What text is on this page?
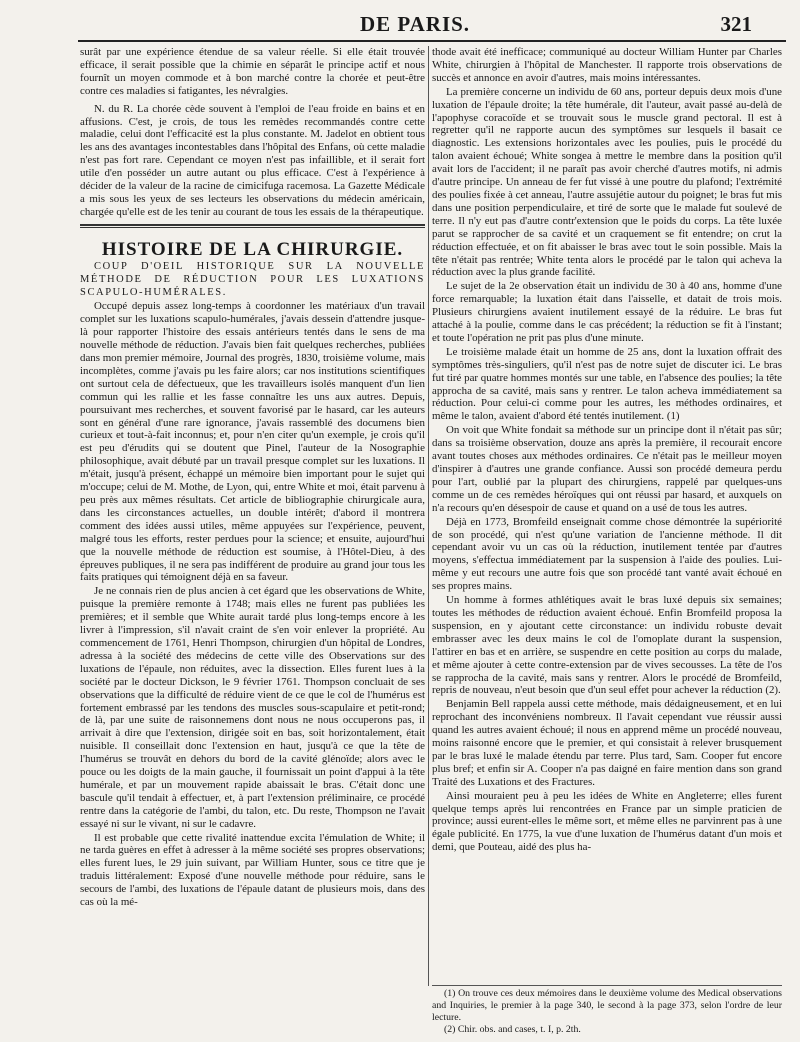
DE PARIS.	321

surât par une expérience étendue de sa valeur réelle. Si elle était trouvée efficace, il serait possible que la chimie en séparât le principe actif et nous fournît un moyen commode et à bon marché contre la chorée et peut-être contre ces maladies si fatigantes, les névralgies.

N. du R. La chorée cède souvent à l'emploi de l'eau froide en bains et en affusions. C'est, je crois, de tous les remèdes recommandés contre cette maladie, celui dont l'efficacité est la plus constante. M. Jadelot en obtient tous les ans des avantages incontestables dans l'hôpital des Enfans, où cette maladie n'est pas fort rare. Cependant ce moyen n'est pas infaillible, et il serait fort utile d'en posséder un autre autant ou plus efficace. C'est à l'expérience à décider de la valeur de la racine de cimicifuga racemosa. La Gazette Médicale a mis sous les yeux de ses lecteurs les observations du médecin américain, chargée qu'elle est de les tenir au courant de tous les essais de la thérapeutique.

HISTOIRE DE LA CHIRURGIE.

COUP D'OEIL HISTORIQUE SUR LA NOUVELLE MÉTHODE DE RÉDUCTION POUR LES LUXATIONS SCAPULO-HUMÉRALES.

Occupé depuis assez long-temps à coordonner les matériaux d'un travail complet sur les luxations scapulo-humérales, j'avais dessein d'attendre jusque-là pour rapporter l'histoire des essais antérieurs tentés dans le sens de ma nouvelle méthode de réduction. J'avais bien fait quelques recherches, publiées dans mon premier mémoire, Journal des progrès, 1830, troisième volume, mais incomplètes, comme j'avais pu les faire alors; car nos institutions scientifiques ont surtout cela de défectueux, que les travailleurs isolés manquent d'un lien commun qui les rallie et les fasse connaître les uns aux autres. Depuis, poursuivant mes recherches, et souvent favorisé par le hasard, car les auteurs sont en général d'une rare ignorance, j'avais rassemblé des documens bien curieux et tout-à-fait inconnus; et, pour n'en citer qu'un exemple, je crois qu'il est peu d'érudits qui se doutent que Pinel, l'auteur de la Nosographie philosophique, avait débuté par un travail presque complet sur les luxations. Il m'était, jusqu'à présent, échappé un mémoire bien important pour le sujet qui m'occupe; celui de M. Mothe, de Lyon, qui, entre White et moi, était parvenu à peu près aux mêmes résultats. Cet article de bibliographie chirurgicale aura, dans les circonstances actuelles, un double intérêt; d'abord il montrera comment des idées aussi utiles, même appuyées sur l'expérience, peuvent, malgré tous les efforts, rester perdues pour la science; et ensuite, aujourd'hui que la nouvelle méthode de réduction est soumise, à l'Hôtel-Dieu, à des épreuves publiques, il ne sera pas indifférent de produire au grand jour tous les faits pratiques qui témoignent déjà en sa faveur.

Je ne connais rien de plus ancien à cet égard que les observations de White, puisque la première remonte à 1748; mais elles ne furent pas publiées les premières; et il semble que White aurait tardé plus long-temps encore à les livrer à l'impression, s'il n'avait craint de s'en voir enlever la propriété. Au commencement de 1761, Henri Thompson, chirurgien d'un hôpital de Londres, adressa à la société des médecins de cette ville des Observations sur des luxations de l'épaule, non réduites, avec la dissection. Elles furent lues à la société par le docteur Dickson, le 9 février 1761. Thompson concluait de ses observations que la difficulté de réduire vient de ce que le col de l'humérus est fortement embrassé par les tendons des muscles sous-scapulaire et petit-rond; de là, par une suite de raisonnemens dont nous ne nous occuperons pas, il arrivait à dire que l'extension, dirigée soit en bas, soit horizontalement, était nuisible. Il conseillait donc l'extension en haut, jusqu'à ce que la tête de l'humérus se trouvât en dehors du bord de la cavité glénoïde; alors avec le pouce ou les doigts de la main gauche, il fournissait un point d'appui à la tête humérale, et par un mouvement rapide abaissait le bras. C'était donc une bascule qu'il tendait à effectuer, et, à part l'extension préliminaire, ce procédé rentre dans la catégorie de l'ambi, du talon, etc. Du reste, Thompson ne l'avait essayé ni sur le vivant, ni sur le cadavre.

Il est probable que cette rivalité inattendue excita l'émulation de White; il ne tarda guères en effet à adresser à la même société ses propres observations; elles furent lues, le 29 juin suivant, par William Hunter, sous ce titre que je traduis littéralement: Exposé d'une nouvelle méthode pour réduire, sans le secours de l'ambi, des luxations de l'épaule datant de plusieurs mois, dans des cas où la mé-

thode avait été inefficace; communiqué au docteur William Hunter par Charles White, chirurgien à l'hôpital de Manchester. Il rapporte trois observations de succès et annonce en avoir d'autres, mais moins intéressantes.

La première concerne un individu de 60 ans, porteur depuis deux mois d'une luxation de l'épaule droite; la tête humérale, dit l'auteur, avait passé au-delà de l'apophyse coracoïde et se trouvait sous le muscle grand pectoral. Il est à regretter qu'il ne rapporte aucun des symptômes sur lesquels il basait ce diagnostic. Les extensions horizontales avec les poulies, puis le procédé du talon avaient échoué; White songea à mettre le membre dans la position qu'il avait lors de l'accident; il ne paraît pas avoir cherché d'autres motifs, ni admis d'autre principe. Un anneau de fer fut vissé à une poutre du plafond; l'extrémité des poulies fixée à cet anneau, l'autre assujétie autour du poignet; le bras fut mis dans une position perpendiculaire, et tiré de sorte que le malade fut soulevé de terre. Il n'y eut pas d'autre contr'extension que le poids du corps. La tête luxée parut se rapprocher de sa cavité et un craquement se fit entendre; on crut la réduction effectuée, et on fit abaisser le bras avec tout le soin possible. Mais la tête n'était pas rentrée; White tenta alors le procédé par le talon qui acheva la réduction avec la plus grande facilité.

Le sujet de la 2e observation était un individu de 30 à 40 ans, homme d'une force remarquable; la luxation était dans l'aisselle, et datait de trois mois. Plusieurs chirurgiens avaient inutilement essayé de la réduire. Le bras fut attaché à la poulie, comme dans le cas précédent; la réduction se fit à l'instant; et toute l'opération ne prit pas plus d'une minute.

Le troisième malade était un homme de 25 ans, dont la luxation offrait des symptômes très-singuliers, qu'il n'est pas de notre sujet de discuter ici. Le bras fut tiré par quatre hommes montés sur une table, en l'absence des poulies; la tête approcha de sa cavité, mais sans y rentrer. Le talon acheva immédiatement sa réduction. Pour celui-ci comme pour les autres, les méthodes ordinaires, et même le talon, avaient d'abord été tentés inutilement. (1)

On voit que White fondait sa méthode sur un principe dont il n'était pas sûr; dans sa troisième observation, douze ans après la première, il recourait encore avant toutes choses aux méthodes ordinaires. Ce n'était pas le meilleur moyen d'inspirer à d'autres une grande confiance. Aussi son procédé demeura perdu pour l'art, oublié par la plupart des chirurgiens, rappelé par quelques-uns comme un de ces remèdes héroïques qui ont réussi par hasard, et auxquels on n'a recours qu'en désespoir de cause et quand on a usé de tous les autres.

Déjà en 1773, Bromfeild enseignait comme chose démontrée la supériorité de son procédé, qui n'est qu'une variation de l'ancienne méthode. Il dit cependant avoir vu un cas où la réduction, inutilement tentée par d'autres moyens, s'effectua immédiatement par la suspension à l'aide des poulies. Lui-même y eut recours une autre fois que son procédé tant vanté avait échoué en ses propres mains.

Un homme à formes athlétiques avait le bras luxé depuis six semaines; toutes les méthodes de réduction avaient échoué. Enfin Bromfeild proposa la suspension, en y ajoutant cette circonstance: un individu robuste devait embrasser avec les deux mains le col de l'omoplate durant la suspension, l'attirer en bas et en arrière, se suspendre en cette position au corps du malade, et même ajouter à cette contre-extension par de vives secousses. La tête de l'os se rapprocha de la cavité, mais sans y rentrer. Alors le procédé de Bromfeild, repris de nouveau, n'eut besoin que d'un seul effet pour achever la réduction (2).

Benjamin Bell rappela aussi cette méthode, mais dédaigneusement, et en lui reprochant des inconvéniens nombreux. Il l'avait cependant vue réussir aussi quand les autres avaient échoué; il nous en apprend même un procédé nouveau, moins raisonné encore que le premier, et qui consistait à relever brusquement par le bras luxé le malade étendu par terre. Plus tard, Sam. Cooper fut encore plus bref; et enfin sir A. Cooper n'a pas daigné en faire mention dans son grand Traité des Luxations et des Fractures.

Ainsi mouraient peu à peu les idées de White en Angleterre; elles furent quelque temps après lui rencontrées en France par un simple praticien de province; aussi eurent-elles le même sort, et même elles ne parvinrent pas à une égale publicité. En 1775, la vue d'une luxation de l'humérus datant d'un mois et demi, que Pouteau, aidé des plus ha-

(1) On trouve ces deux mémoires dans le deuxième volume des Medical observations and Inquiries, le premier à la page 340, le second à la page 373, selon l'ordre de leur lecture.

(2) Chir. obs. and cases, t. I, p. 2th.
